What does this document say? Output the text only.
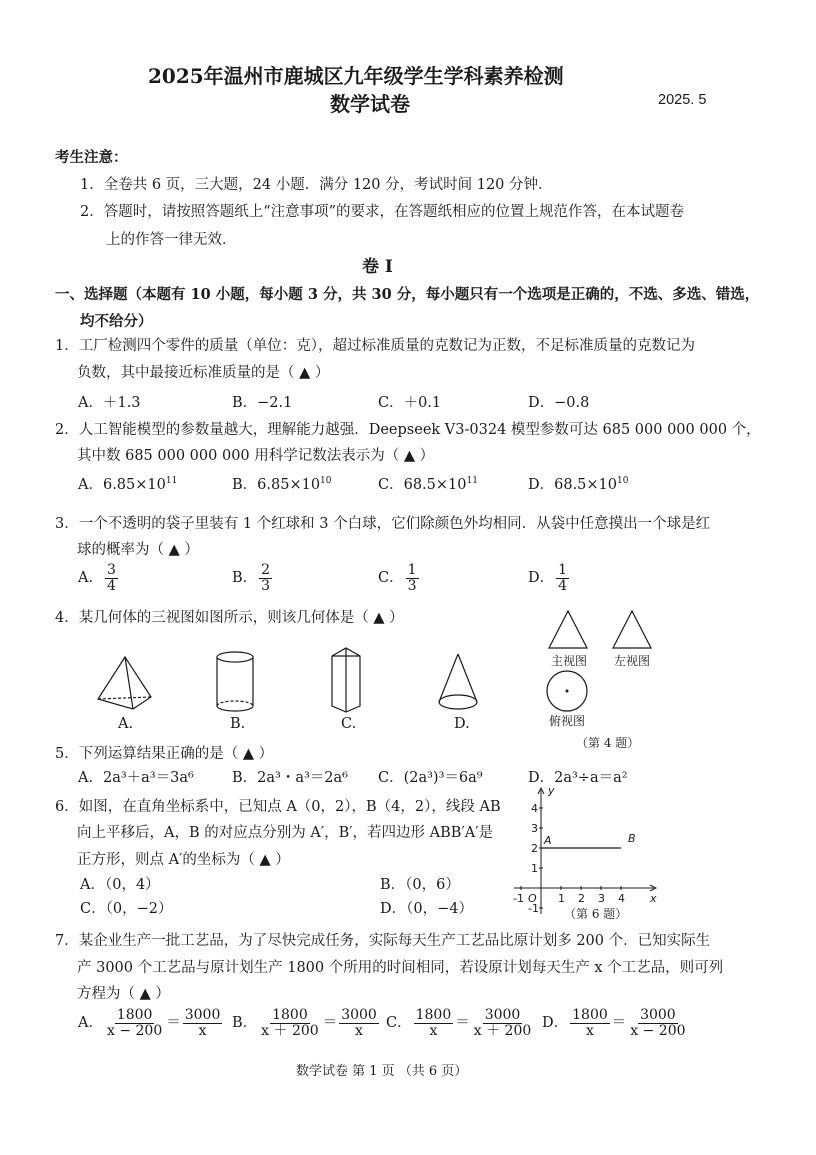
2025年温州市鹿城区九年级学生学科素养检测
数学试卷	2025. 5
考生注意：
1．全卷共 6 页，三大题，24 小题．满分 120 分，考试时间 120 分钟．
2．答题时，请按照答题纸上“注意事项”的要求，在答题纸相应的位置上规范作答，在本试题卷
上的作答一律无效．
卷 I
一、选择题（本题有 10 小题，每小题 3 分，共 30 分，每小题只有一个选项是正确的，不选、多选、错选，
均不给分）
1．工厂检测四个零件的质量（单位：克），超过标准质量的克数记为正数，不足标准质量的克数记为
负数，其中最接近标准质量的是（ ▲ ）
A．＋1.3	B．−2.1	C．＋0.1	D．−0.8
2．人工智能模型的参数量越大，理解能力越强．Deepseek V3-0324 模型参数可达 685 000 000 000 个，
其中数 685 000 000 000 用科学记数法表示为（ ▲ ）
A．$6.85\times 10^{11}$	B．$6.85\times 10^{10}$	C．$68.5\times 10^{11}$	D．$68.5\times 10^{10}$
3．一个不透明的袋子里装有 1 个红球和 3 个白球，它们除颜色外均相同．从袋中任意摸出一个球是红
球的概率为（ ▲ ）
A． $\frac{3}{4}$	B． $\frac{2}{3}$	C． $\frac{1}{3}$	D． $\frac{1}{4}$
4．某几何体的三视图如图所示，则该几何体是（ ▲ ）
A.	B.	C.	D.
主视图 左视图
俯视图
（第 4 题）
5．下列运算结果正确的是（ ▲ ）
A．2a³＋a³＝3a⁶	B．2a³・a³＝2a⁶ C．(2a³)³＝6a⁹	D．2a³÷a＝a²
6．如图，在直角坐标系中，已知点 A（0，2），B（4，2），线段 AB
向上平移后，A，B 的对应点分别为 A′，B′，若四边形 ABB′A′是
正方形，则点 A′的坐标为（ ▲ ）
A．（0，4）	B．（0，6）
C．（0，−2）	D．（0，−4）
y
x
O
4
3
2
1
-1
-1	1 2 3 4
A	B
（第 6 题）
7．某企业生产一批工艺品，为了尽快完成任务，实际每天生产工艺品比原计划多 200 个．已知实际生
产 3000 个工艺品与原计划生产 1800 个所用的时间相同，若设原计划每天生产 x 个工艺品，则可列
方程为（ ▲ ）
A． $\frac{1800}{x - 200} = \frac{3000}{x}$ B． $\frac{1800}{x + 200} = \frac{3000}{x}$ C． $\frac{1800}{x} = \frac{3000}{x + 200}$ D． $\frac{1800}{x} = \frac{3000}{x - 200}$
数学试卷 第 1 页 （共 6 页）
